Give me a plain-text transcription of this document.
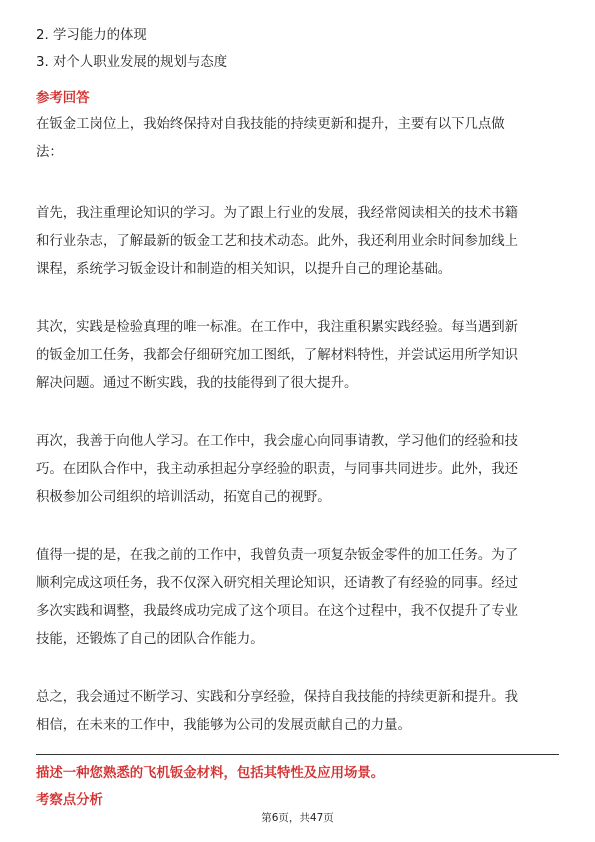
2. 学习能力的体现
3. 对个人职业发展的规划与态度
参考回答
在钣金工岗位上，我始终保持对自我技能的持续更新和提升，主要有以下几点做
法：
首先，我注重理论知识的学习。为了跟上行业的发展，我经常阅读相关的技术书籍
和行业杂志，了解最新的钣金工艺和技术动态。此外，我还利用业余时间参加线上
课程，系统学习钣金设计和制造的相关知识，以提升自己的理论基础。
其次，实践是检验真理的唯一标准。在工作中，我注重积累实践经验。每当遇到新
的钣金加工任务，我都会仔细研究加工图纸，了解材料特性，并尝试运用所学知识
解决问题。通过不断实践，我的技能得到了很大提升。
再次，我善于向他人学习。在工作中，我会虚心向同事请教，学习他们的经验和技
巧。在团队合作中，我主动承担起分享经验的职责，与同事共同进步。此外，我还
积极参加公司组织的培训活动，拓宽自己的视野。
值得一提的是，在我之前的工作中，我曾负责一项复杂钣金零件的加工任务。为了
顺利完成这项任务，我不仅深入研究相关理论知识，还请教了有经验的同事。经过
多次实践和调整，我最终成功完成了这个项目。在这个过程中，我不仅提升了专业
技能，还锻炼了自己的团队合作能力。
总之，我会通过不断学习、实践和分享经验，保持自我技能的持续更新和提升。我
相信，在未来的工作中，我能够为公司的发展贡献自己的力量。
描述一种您熟悉的飞机钣金材料，包括其特性及应用场景。
考察点分析
第6页，共47页
